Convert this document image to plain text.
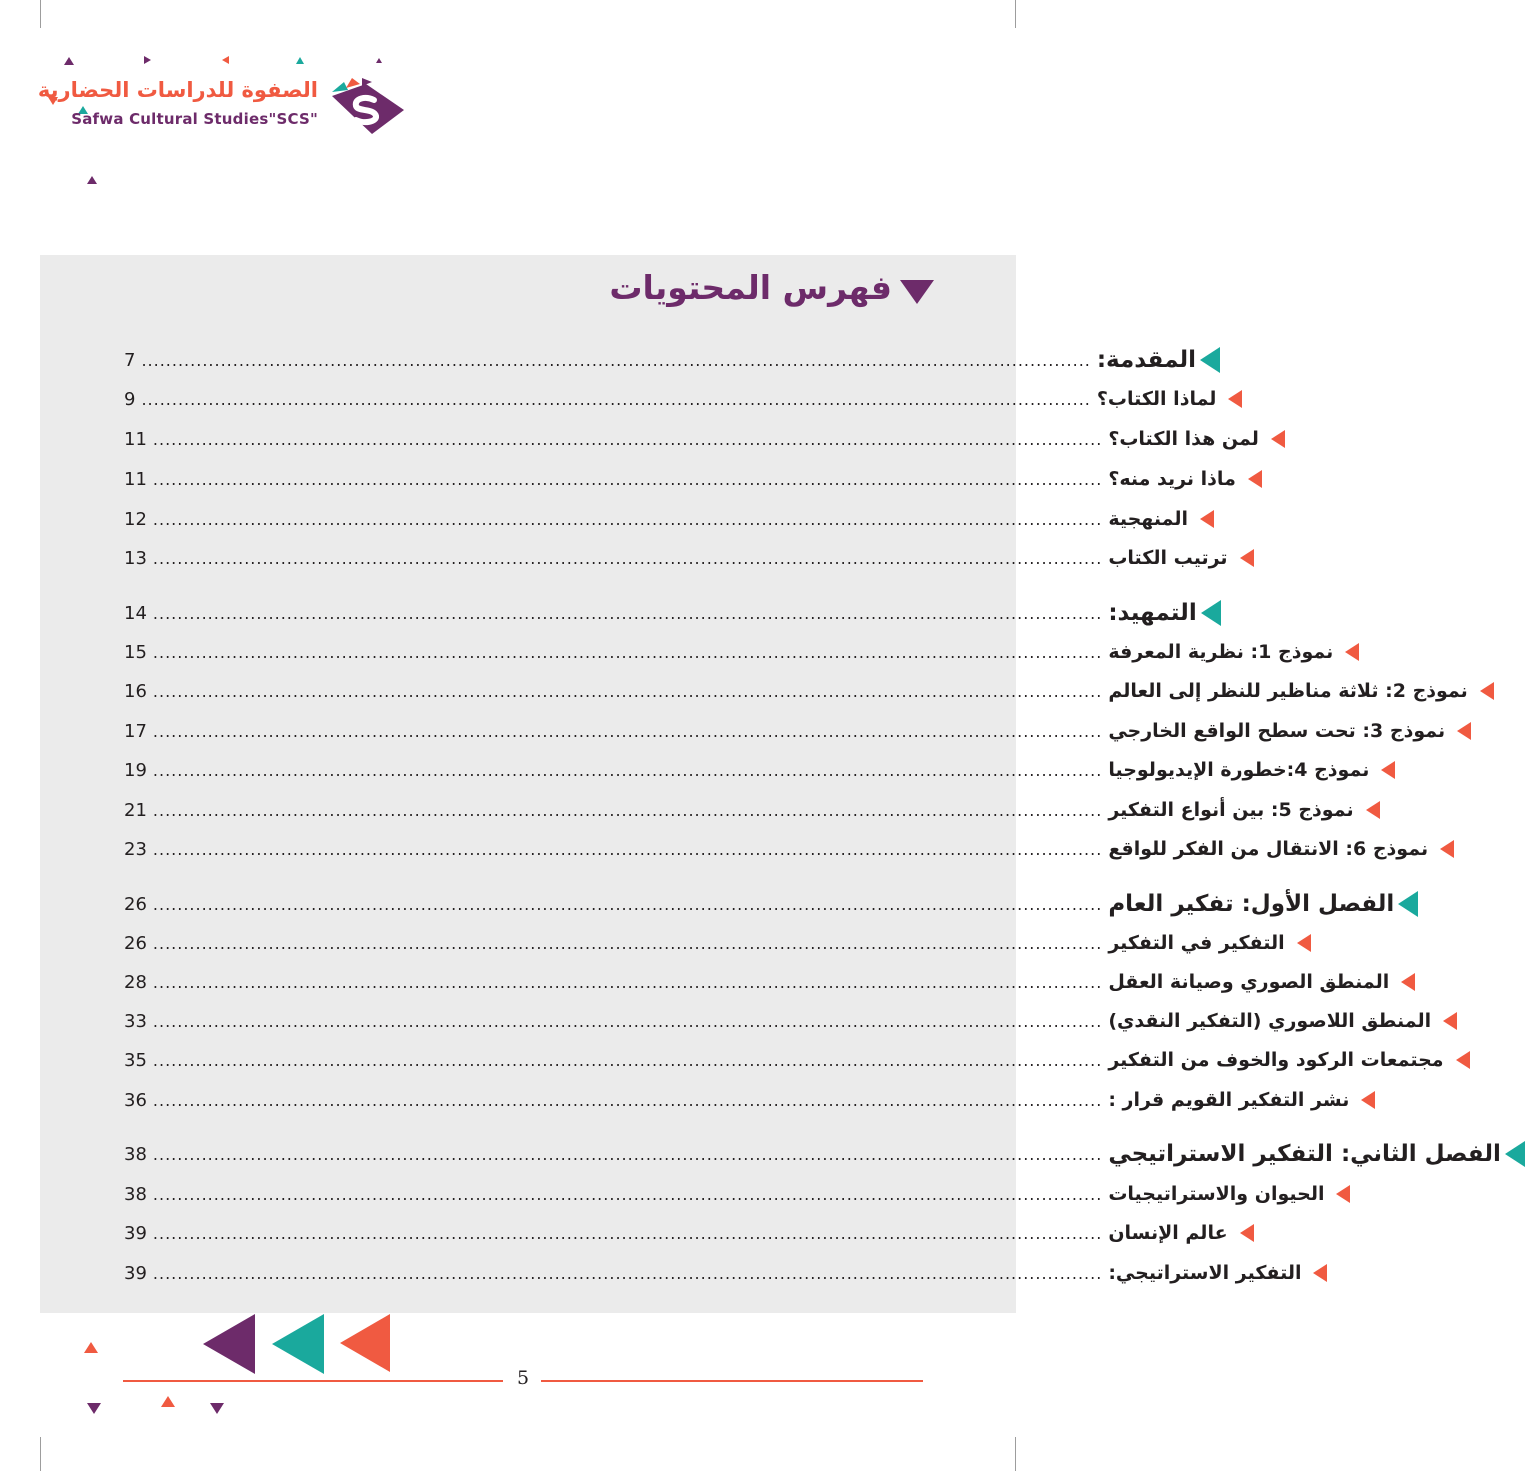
الصفوة للدراسات الحضارية
Safwa Cultural Studies"SCS"
فهرس المحتويات
7 ............................................................................................................................................................ المقدمة:
9 ............................................................................................................................................................ لماذا الكتاب؟
11 ............................................................................................................................................................ لمن هذا الكتاب؟
11 ............................................................................................................................................................ ماذا نريد منه؟
12 ............................................................................................................................................................ المنهجية
13 ............................................................................................................................................................ ترتيب الكتاب
14 ............................................................................................................................................................ التمهيد:
15 ............................................................................................................................................................ نموذج 1: نظرية المعرفة
16 ............................................................................................................................................................ نموذج 2: ثلاثة مناظير للنظر إلى العالم
17 ............................................................................................................................................................ نموذج 3: تحت سطح الواقع الخارجي
19 ............................................................................................................................................................ نموذج 4:خطورة الإيديولوجيا
21 ............................................................................................................................................................ نموذج 5: بين أنواع التفكير
23 ............................................................................................................................................................ نموذج 6: الانتقال من الفكر للواقع
26 ............................................................................................................................................................ الفصل الأول: تفكير العام
26 ............................................................................................................................................................ التفكير في التفكير
28 ............................................................................................................................................................ المنطق الصوري وصيانة العقل
33 ............................................................................................................................................................ المنطق اللاصوري (التفكير النقدي)
35 ............................................................................................................................................................ مجتمعات الركود والخوف من التفكير
36 ............................................................................................................................................................ نشر التفكير القويم قرار :
38 ............................................................................................................................................................ الفصل الثاني: التفكير الاستراتيجي
38 ............................................................................................................................................................ الحيوان والاستراتيجيات
39 ............................................................................................................................................................ عالم الإنسان
39 ............................................................................................................................................................ التفكير الاستراتيجي:
5
